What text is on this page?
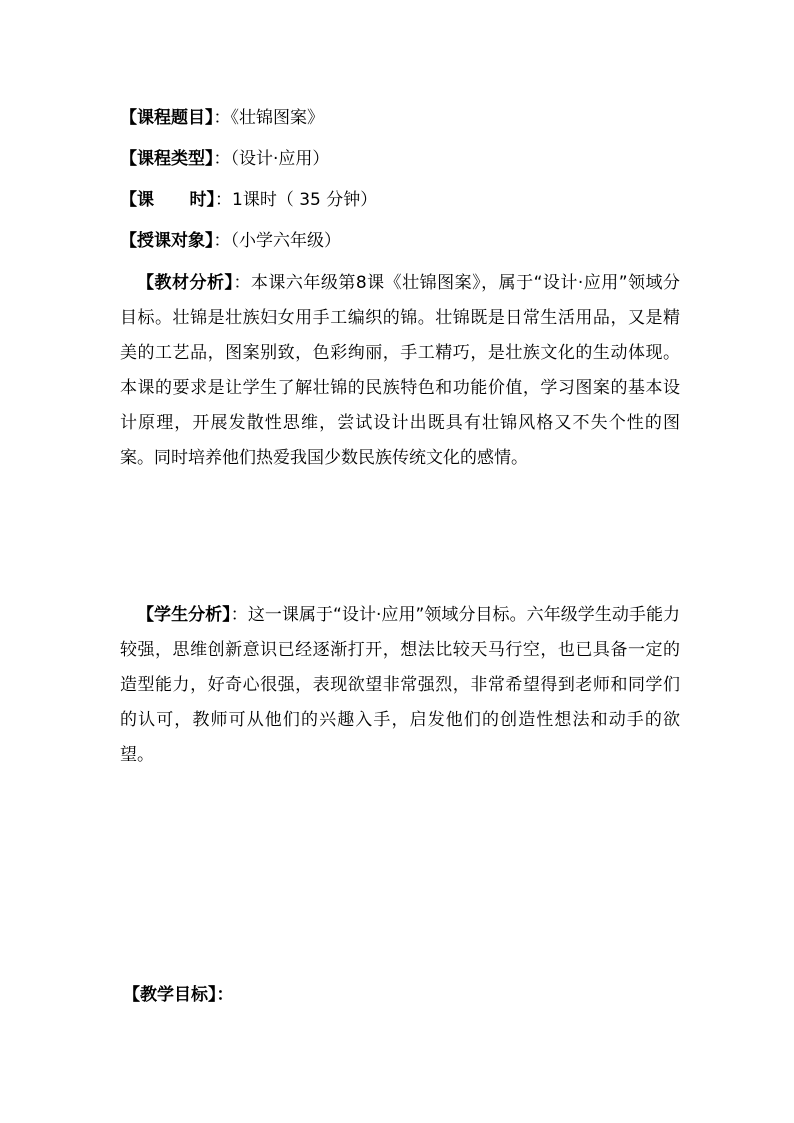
【课程题目】：《壮锦图案》
【课程类型】：（设计·应用）
【课      时】：1课时（ 35 分钟）
【授课对象】：（小学六年级）
【教材分析】：本课六年级第8课《壮锦图案》，属于“设计·应用”领域分目标。壮锦是壮族妇女用手工编织的锦。壮锦既是日常生活用品，又是精美的工艺品，图案别致，色彩绚丽，手工精巧，是壮族文化的生动体现。本课的要求是让学生了解壮锦的民族特色和功能价值，学习图案的基本设计原理，开展发散性思维，尝试设计出既具有壮锦风格又不失个性的图案。同时培养他们热爱我国少数民族传统文化的感情。
【学生分析】：这一课属于“设计·应用”领域分目标。六年级学生动手能力较强，思维创新意识已经逐渐打开，想法比较天马行空，也已具备一定的造型能力，好奇心很强，表现欲望非常强烈，非常希望得到老师和同学们的认可，教师可从他们的兴趣入手，启发他们的创造性想法和动手的欲望。
【教学目标】：
